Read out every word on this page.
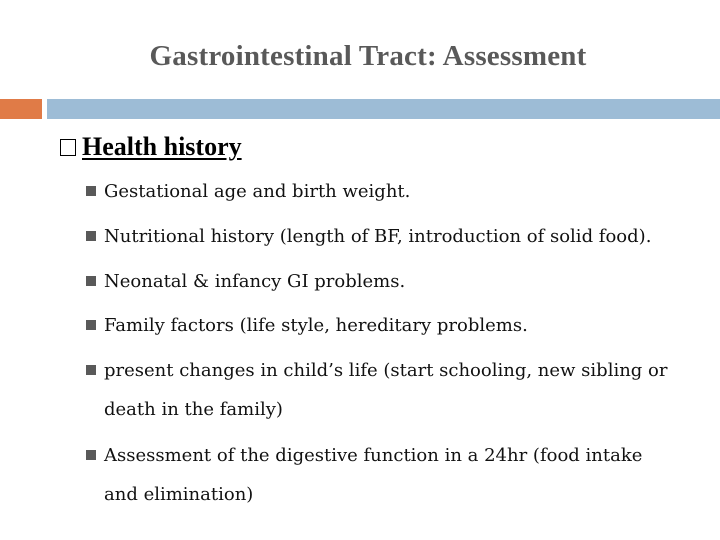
Gastrointestinal Tract: Assessment
Health history
Gestational age and birth weight.
Nutritional history (length of BF, introduction of solid food).
Neonatal & infancy GI problems.
Family factors (life style, hereditary problems.
present changes in child’s life (start schooling, new sibling or
death in the family)
Assessment of the digestive function in a 24hr (food intake
and elimination)
